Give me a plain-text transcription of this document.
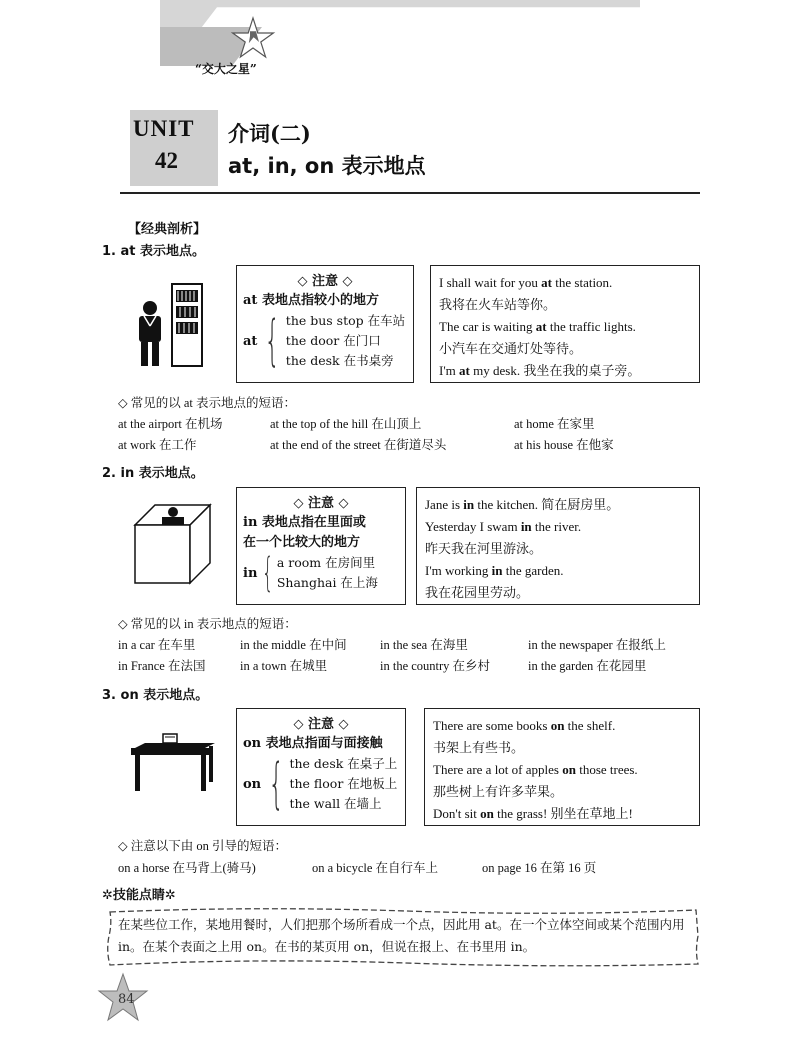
“交大之星”
UNIT
42
介词(二)
at, in, on 表示地点
【经典剖析】
1. at 表示地点。
◇ 注意 ◇
at 表地点指较小的地方
at { the bus stop 在车站
the door 在门口
the desk 在书桌旁
I shall wait for you at the station.
我将在火车站等你。
The car is waiting at the traffic lights.
小汽车在交通灯处等待。
I'm at my desk. 我坐在我的桌子旁。
◇ 常见的以 at 表示地点的短语：
at the airport 在机场	at the top of the hill 在山顶上	at home 在家里
at work 在工作	at the end of the street 在街道尽头	at his house 在他家
2. in 表示地点。
◇ 注意 ◇
in 表地点指在里面或
在一个比较大的地方
in { a room 在房间里
Shanghai 在上海
Jane is in the kitchen. 简在厨房里。
Yesterday I swam in the river.
昨天我在河里游泳。
I'm working in the garden.
我在花园里劳动。
◇ 常见的以 in 表示地点的短语：
in a car 在车里	in the middle 在中间	in the sea 在海里	in the newspaper 在报纸上
in France 在法国	in a town 在城里	in the country 在乡村	in the garden 在花园里
3. on 表示地点。
◇ 注意 ◇
on 表地点指面与面接触
on { the desk 在桌子上
the floor 在地板上
the wall 在墙上
There are some books on the shelf.
书架上有些书。
There are a lot of apples on those trees.
那些树上有许多苹果。
Don't sit on the grass! 别坐在草地上!
◇ 注意以下由 on 引导的短语：
on a horse 在马背上(骑马)	on a bicycle 在自行车上	on page 16 在第 16 页
✲技能点睛✲
在某些位工作，某地用餐时，人们把那个场所看成一个点，因此用 at。在一个立体空间或某个范围内用 in。在某个表面之上用 on。在书的某页用 on，但说在报上、在书里用 in。
84
